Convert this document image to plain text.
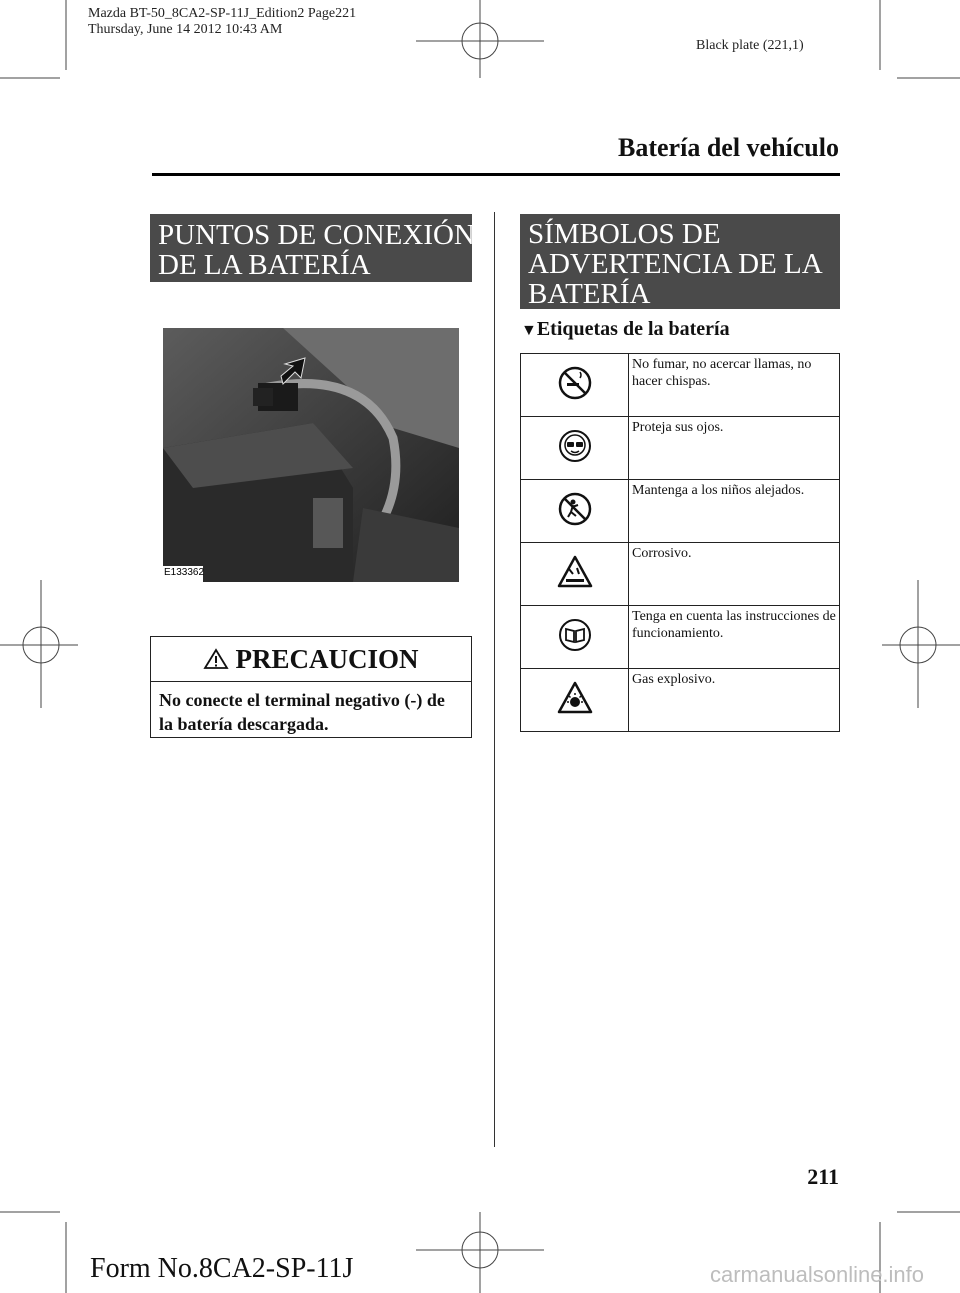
Mazda BT-50_8CA2-SP-11J_Edition2 Page221
Thursday, June 14 2012 10:43 AM
Black plate (221,1)
Batería del vehículo
PUNTOS DE CONEXIÓN
DE LA BATERÍA
E133362
PRECAUCION
No conecte el terminal negativo (-) de la batería descargada.
SÍMBOLOS DE
ADVERTENCIA DE LA
BATERÍA
▼Etiquetas de la batería
	No fumar, no acercar llamas, no hacer chispas.
	Proteja sus ojos.
	Mantenga a los niños alejados.
	Corrosivo.
	Tenga en cuenta las instrucciones de funcionamiento.
	Gas explosivo.
211
Form No.8CA2-SP-11J	carmanualsonline.info
